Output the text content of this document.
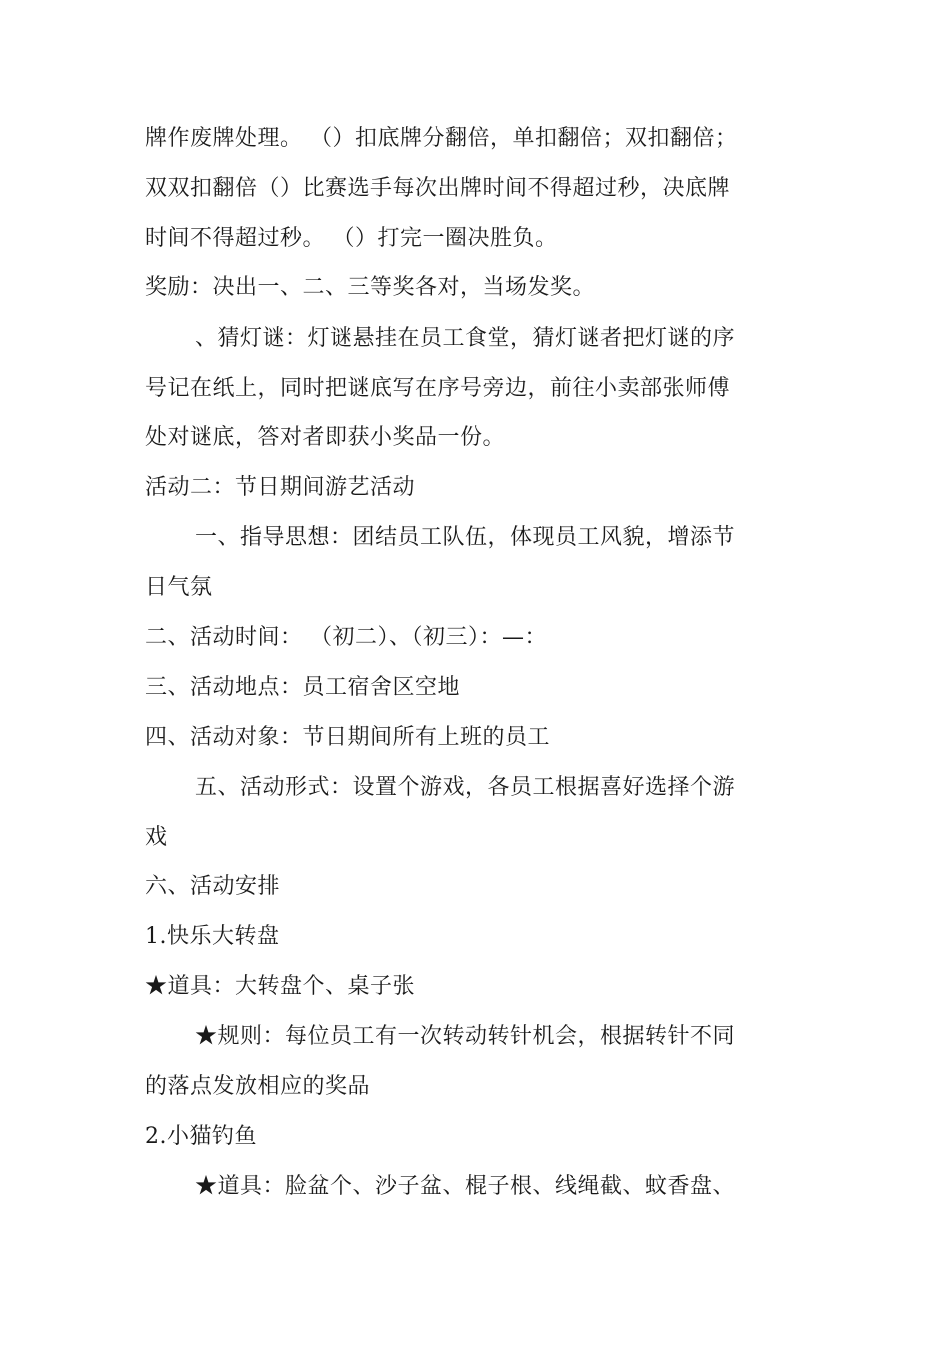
牌作废牌处理。 （）扣底牌分翻倍，单扣翻倍；双扣翻倍；
双双扣翻倍（）比赛选手每次出牌时间不得超过秒，决底牌
时间不得超过秒。 （）打完一圈决胜负。
奖励：决出一、二、三等奖各对，当场发奖。
、猜灯谜：灯谜悬挂在员工食堂，猜灯谜者把灯谜的序
号记在纸上，同时把谜底写在序号旁边，前往小卖部张师傅
处对谜底，答对者即获小奖品一份。
活动二：节日期间游艺活动
一、指导思想：团结员工队伍，体现员工风貌，增添节
日气氛
二、活动时间： （初二）、（初三）：—：
三、活动地点：员工宿舍区空地
四、活动对象：节日期间所有上班的员工
五、活动形式：设置个游戏，各员工根据喜好选择个游
戏
六、活动安排
1.快乐大转盘
★道具：大转盘个、桌子张
★规则：每位员工有一次转动转针机会，根据转针不同
的落点发放相应的奖品
2.小猫钓鱼
★道具：脸盆个、沙子盆、棍子根、线绳截、蚊香盘、
